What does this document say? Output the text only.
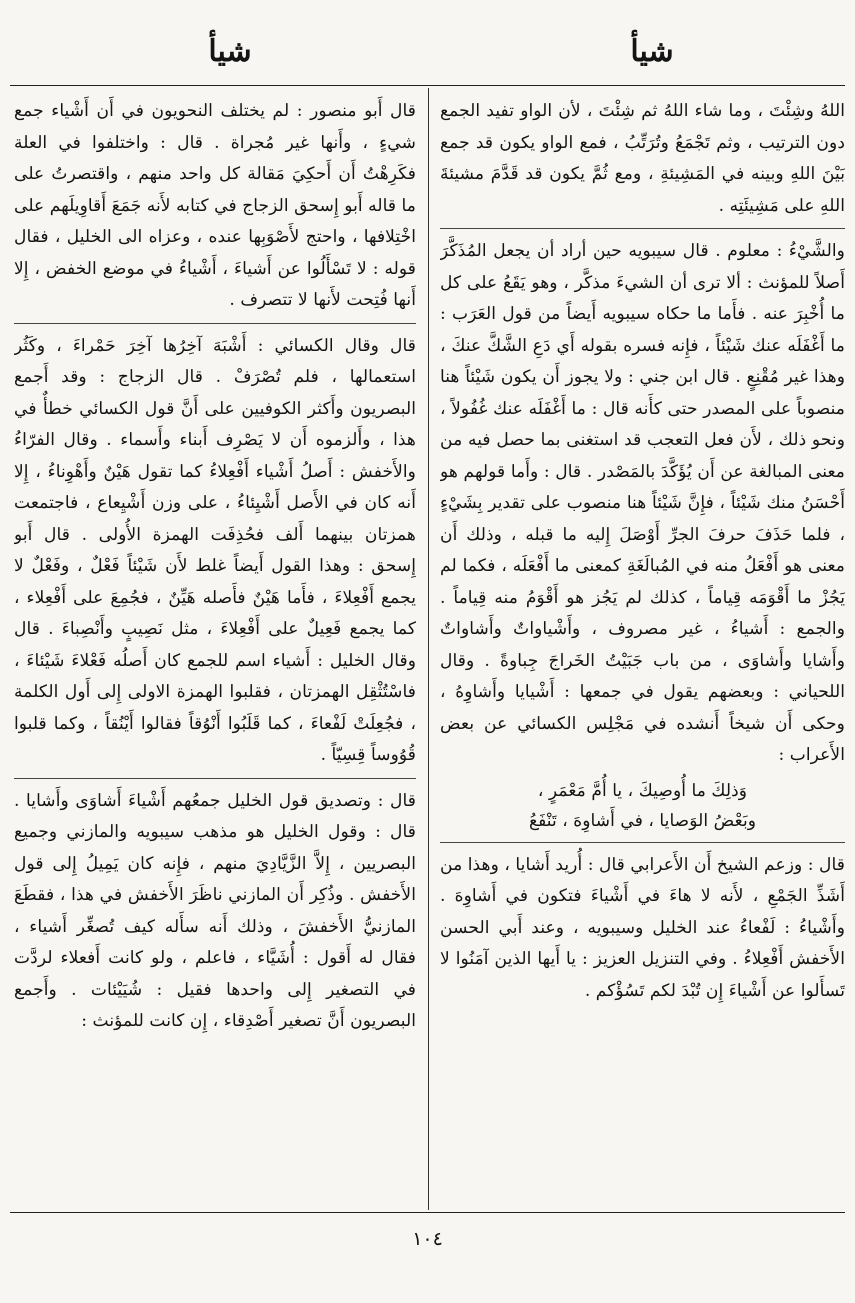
شيأ
شيأ

اللهُ وشِئْتَ ، وما شاء اللهُ ثم شِئْتَ ، لأن الواو تفيد الجمع دون الترتيب ، وثم تَجْمَعُ وتُرَتِّبُ ، فمع الواو يكون قد جمع بَيْنَ اللهِ وبينه في المَشِيئةِ ، ومع ثُمَّ يكون قد قَدَّمَ مشيئةَ اللهِ على مَشِيئَتِه .

والشَّيْءُ : معلوم . قال سيبويه حين أراد أن يجعل المُذَكَّرَ أَصلاً للمؤنث : ألا ترى أن الشيءَ مذكَّر ، وهو يَقَعُ على كل ما أُخْبِرَ عنه . فأَما ما حكاه سيبويه أَيضاً من قول العَرَب : ما أَغْفَلَه عنك شَيْئاً ، فإِنه فسره بقوله أَي دَعِ الشَّكَّ عنكَ ، وهذا غير مُقْنِعٍ . قال ابن جني : ولا يجوز أَن يكون شَيْئاً هنا منصوباً على المصدر حتى كأَنه قال : ما أَغْفَلَه عنك غُفُولاً ، ونحو ذلك ، لأَن فعل التعجب قد استغنى بما حصل فيه من معنى المبالغة عن أَن يُؤَكَّدَ بالمَصْدر . قال : وأَما قولهم هو أَحْسَنُ منك شَيْئاً ، فإِنَّ شَيْئاً هنا منصوب على تقدير بِشَيْءٍ ، فلما حَذَفَ حرفَ الجرِّ أَوْصَلَ إِليه ما قبله ، وذلك أَن معنى هو أَفْعَلُ منه في المُبالَغَةِ كمعنى ما أَفْعَلَه ، فكما لم يَجُزْ ما أَقْوَمَه قِياماً ، كذلك لم يَجُز هو أَقْوَمُ منه قِياماً . والجمع : أَشياءُ ، غير مصروف ، وأَشْياواتٌ وأَشاواتٌ وأَشايا وأَشاوَى ، من باب جَبَيْتُ الخَراجَ جِباوةً . وقال اللحياني : وبعضهم يقول في جمعها : أَشْيايا وأَشاوِهُ ، وحكى أَن شيخاً أَنشده في مَجْلِس الكسائي عن بعض الأَعراب :

وَذلِكَ ما أُوصِيكَ ، يا أُمَّ مَعْمَرٍ ،

وبَعْضُ الوَصايا ، في أَشاوِهَ ، تَنْفَعُ

قال : وزعم الشيخ أَن الأَعرابي قال : أُريد أَشايا ، وهذا من أَشَذِّ الجَمْعِ ، لأَنه لا هاءَ في أَشْياءَ فتكون في أَشاوِهَ . وأَشْياءُ : لَفْعاءُ عند الخليل وسيبويه ، وعند أَبي الحسن الأَخفش أَفْعِلاءُ . وفي التنزيل العزيز : يا أَيها الذين آمَنُوا لا تَسأَلوا عن أَشْياءَ إِن تُبْدَ لكم تَسُؤْكم .

قال أَبو منصور : لم يختلف النحويون في أَن أَشْياء جمع شيءٍ ، وأَنها غير مُجراة . قال : واختلفوا في العلة فكَرِهْتُ أَن أَحكِيَ مَقالة كل واحد منهم ، واقتصرتُ على ما قاله أَبو إِسحق الزجاج في كتابه لأَنه جَمَعَ أَقاوِيلَهم على اخْتِلافها ، واحتج لأَصْوَبِها عنده ، وعزاه الى الخليل ، فقال قوله : لا تَسْأَلُوا عن أَشياءَ ، أَشْياءُ في موضع الخفض ، إِلا أَنها فُتِحت لأَنها لا تتصرف .

قال وقال الكسائي : أَشْبَهَ آخِرُها آخِرَ حَمْراءَ ، وكَثُر استعمالها ، فلم تُصْرَفْ . قال الزجاج : وقد أَجمع البصريون وأَكثر الكوفيين على أَنَّ قول الكسائي خطأٌ في هذا ، وأَلزموه أَن لا يَصْرِف أَبناء وأَسماء . وقال الفرّاءُ والأَخفش : أَصلُ أَشْياء أَفْعِلاءُ كما تقول هَيْنٌ وأَهْوِناءُ ، إِلا أَنه كان في الأَصل أَشْيِئاءُ ، على وزن أَشْيِعاع ، فاجتمعت همزتان بينهما أَلف فحُذِفَت الهمزة الأُولى . قال أَبو إِسحق : وهذا القول أَيضاً غلط لأَن شَيْئاً فَعْلٌ ، وفَعْلٌ لا يجمع أَفْعِلاءَ ، فأَما هَيْنٌ فأَصله هَيِّنٌ ، فجُمِعَ على أَفْعِلاء ، كما يجمع فَعِيلٌ على أَفْعِلاءَ ، مثل نَصِيبٍ وأَنْصِباءَ . قال وقال الخليل : أَشياء اسم للجمع كان أَصلُه فَعْلاءَ شَيْئاءَ ، فاسْتُثْقِل الهمزتان ، فقلبوا الهمزة الاولى إِلى أَول الكلمة ، فجُعِلَتْ لَفْعاءَ ، كما قَلَبُوا أَنْوُقاً فقالوا أَيْنُقاً ، وكما قلبوا قُوُوساً قِسِيّاً .

قال : وتصديق قول الخليل جمعُهم أَشْياءَ أَشاوَى وأَشايا . قال : وقول الخليل هو مذهب سيبويه والمازني وجميع البصريين ، إِلاَّ الزَّيَّادِيَ منهم ، فإِنه كان يَمِيلُ إِلى قول الأَخفش . وذُكِر أَن المازني ناظَرَ الأَخفش في هذا ، فقطَعَ المازنيُّ الأَخفشَ ، وذلك أَنه سأَله كيف تُصغِّر أَشياء ، فقال له أَقول : أُشَيَّاء ، فاعلم ، ولو كانت أَفعلاء لردَّت في التصغير إِلى واحدها فقيل : شُيَيْئات . وأَجمع البصريون أَنَّ تصغير أَصْدِقاء ، إِن كانت للمؤنث :

١٠٤
